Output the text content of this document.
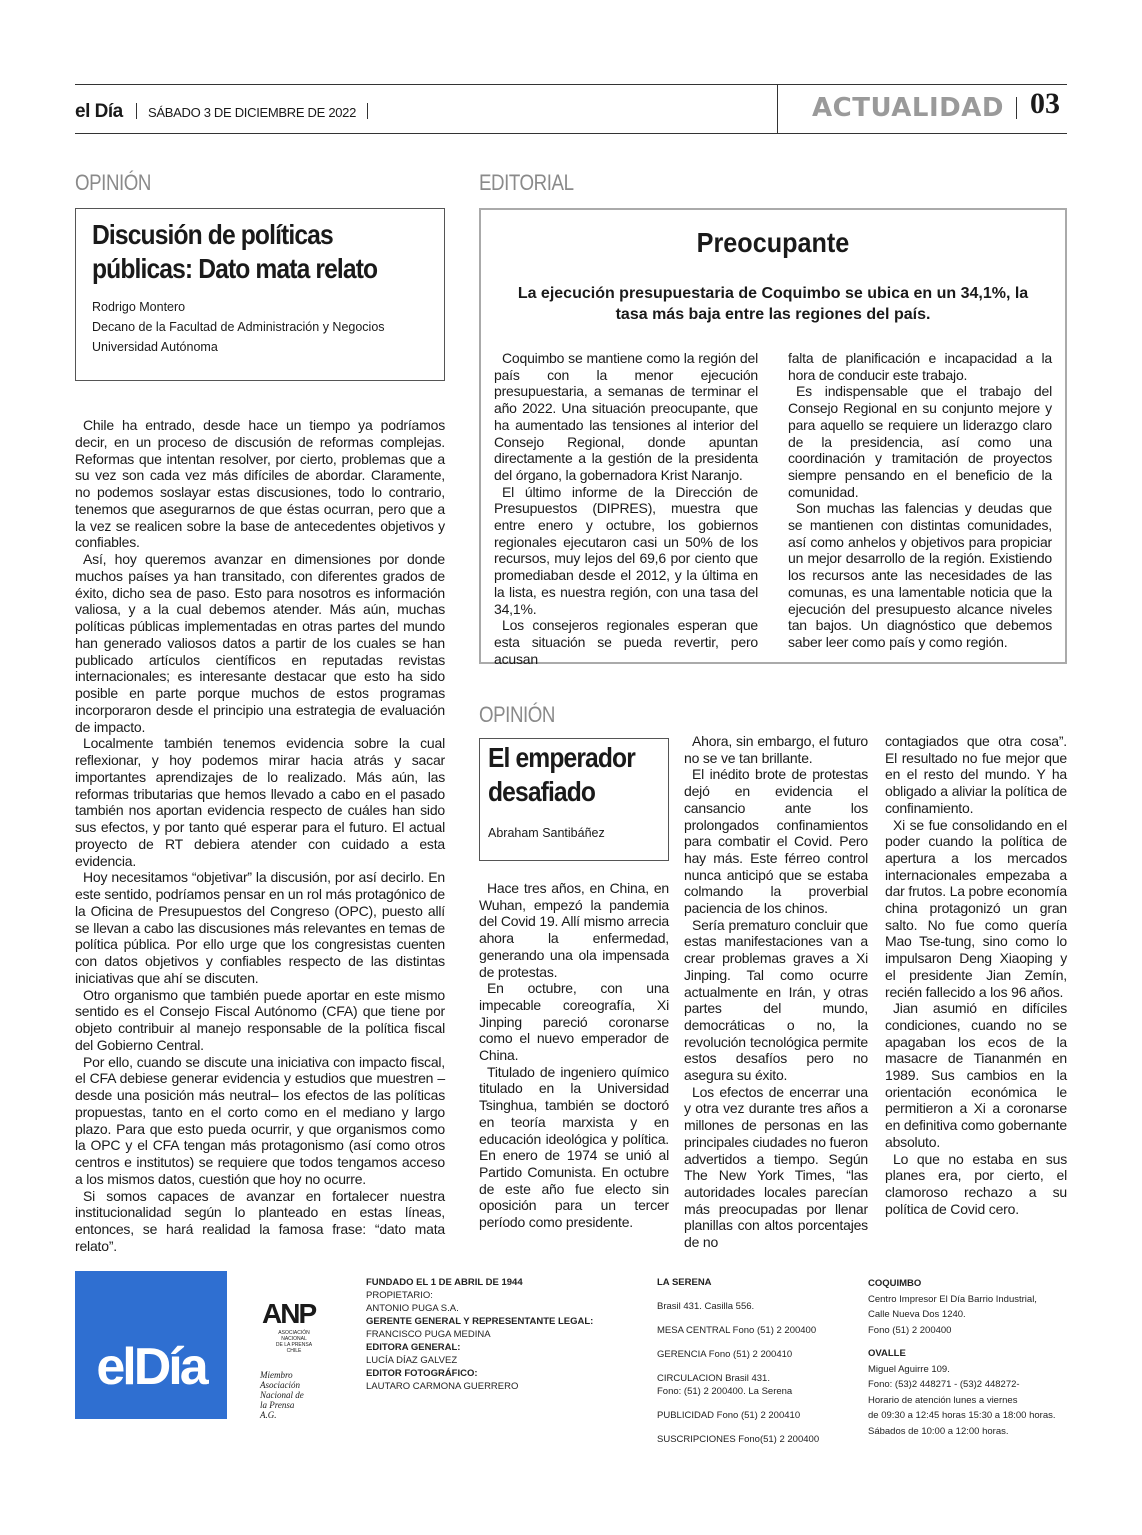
el Día SÁBADO 3 DE DICIEMBRE DE 2022	ACTUALIDAD 03
OPINIÓN
Discusión de políticas
públicas: Dato mata relato
Rodrigo Montero
Decano de la Facultad de Administración y Negocios
Universidad Autónoma

Chile ha entrado, desde hace un tiempo ya podríamos decir, en un proceso de discusión de reformas complejas. Reformas que intentan resolver, por cierto, problemas que a su vez son cada vez más difíciles de abordar. Claramente, no podemos soslayar estas discusiones, todo lo contrario, tenemos que asegurarnos de que éstas ocurran, pero que a la vez se realicen sobre la base de antecedentes objetivos y confiables.

Así, hoy queremos avanzar en dimensiones por donde muchos países ya han transitado, con diferentes grados de éxito, dicho sea de paso. Esto para nosotros es información valiosa, y a la cual debemos atender. Más aún, muchas políticas públicas implementadas en otras partes del mundo han generado valiosos datos a partir de los cuales se han publicado artículos científicos en reputadas revistas internacionales; es interesante destacar que esto ha sido posible en parte porque muchos de estos programas incorporaron desde el principio una estrategia de evaluación de impacto.

Localmente también tenemos evidencia sobre la cual reflexionar, y hoy podemos mirar hacia atrás y sacar importantes aprendizajes de lo realizado. Más aún, las reformas tributarias que hemos llevado a cabo en el pasado también nos aportan evidencia respecto de cuáles han sido sus efectos, y por tanto qué esperar para el futuro. El actual proyecto de RT debiera atender con cuidado a esta evidencia.

Hoy necesitamos “objetivar” la discusión, por así decirlo. En este sentido, podríamos pensar en un rol más protagónico de la Oficina de Presupuestos del Congreso (OPC), puesto allí se llevan a cabo las discusiones más relevantes en temas de política pública. Por ello urge que los congresistas cuenten con datos objetivos y confiables respecto de las distintas iniciativas que ahí se discuten.

Otro organismo que también puede aportar en este mismo sentido es el Consejo Fiscal Autónomo (CFA) que tiene por objeto contribuir al manejo responsable de la política fiscal del Gobierno Central.

Por ello, cuando se discute una iniciativa con impacto fiscal, el CFA debiese generar evidencia y estudios que muestren –desde una posición más neutral– los efectos de las políticas propuestas, tanto en el corto como en el mediano y largo plazo. Para que esto pueda ocurrir, y que organismos como la OPC y el CFA tengan más protagonismo (así como otros centros e institutos) se requiere que todos tengamos acceso a los mismos datos, cuestión que hoy no ocurre.

Si somos capaces de avanzar en fortalecer nuestra institucionalidad según lo planteado en estas líneas, entonces, se hará realidad la famosa frase: “dato mata relato”.

EDITORIAL
Preocupante
La ejecución presupuestaria de Coquimbo se ubica en un 34,1%, la tasa más baja entre las regiones del país.

Coquimbo se mantiene como la región del país con la menor ejecución presupuestaria, a semanas de terminar el año 2022. Una situación preocupante, que ha aumentado las tensiones al interior del Consejo Regional, donde apuntan directamente a la gestión de la presidenta del órgano, la gobernadora Krist Naranjo.

El último informe de la Dirección de Presupuestos (DIPRES), muestra que entre enero y octubre, los gobiernos regionales ejecutaron casi un 50% de los recursos, muy lejos del 69,6 por ciento que promediaban desde el 2012, y la última en la lista, es nuestra región, con una tasa del 34,1%.

Los consejeros regionales esperan que esta situación se pueda revertir, pero acusan

falta de planificación e incapacidad a la hora de conducir este trabajo.

Es indispensable que el trabajo del Consejo Regional en su conjunto mejore y para aquello se requiere un liderazgo claro de la presidencia, así como una coordinación y tramitación de proyectos siempre pensando en el beneficio de la comunidad.

Son muchas las falencias y deudas que se mantienen con distintas comunidades, así como anhelos y objetivos para propiciar un mejor desarrollo de la región. Existiendo los recursos ante las necesidades de las comunas, es una lamentable noticia que la ejecución del presupuesto alcance niveles tan bajos. Un diagnóstico que debemos saber leer como país y como región.

OPINIÓN
El emperador
desafiado
Abraham Santibáñez

Hace tres años, en China, en Wuhan, empezó la pandemia del Covid 19. Allí mismo arrecia ahora la enfermedad, generando una ola impensada de protestas.

En octubre, con una impecable coreografía, Xi Jinping pareció coronarse como el nuevo emperador de China.

Titulado de ingeniero químico titulado en la Universidad Tsinghua, también se doctoró en teoría marxista y en educación ideológica y política. En enero de 1974 se unió al Partido Comunista. En octubre de este año fue electo sin oposición para un tercer período como presidente.

Ahora, sin embargo, el futuro no se ve tan brillante.

El inédito brote de protestas dejó en evidencia el cansancio ante los prolongados confinamientos para combatir el Covid. Pero hay más. Este férreo control nunca anticipó que se estaba colmando la proverbial paciencia de los chinos.

Sería prematuro concluir que estas manifestaciones van a crear problemas graves a Xi Jinping. Tal como ocurre actualmente en Irán, y otras partes del mundo, democráticas o no, la revolución tecnológica permite estos desafíos pero no asegura su éxito.

Los efectos de encerrar una y otra vez durante tres años a millones de personas en las principales ciudades no fueron advertidos a tiempo. Según The New York Times, “las autoridades locales parecían más preocupadas por llenar planillas con altos porcentajes de no

contagiados que otra cosa”. El resultado no fue mejor que en el resto del mundo. Y ha obligado a aliviar la política de confinamiento.

Xi se fue consolidando en el poder cuando la política de apertura a los mercados internacionales empezaba a dar frutos. La pobre economía china protagonizó un gran salto. No fue como quería Mao Tse-tung, sino como lo impulsaron Deng Xiaoping y el presidente Jian Zemín, recién fallecido a los 96 años.

Jian asumió en difíciles condiciones, cuando no se apagaban los ecos de la masacre de Tiananmén en 1989. Sus cambios en la orientación económica le permitieron a Xi a coronarse en definitiva como gobernante absoluto.

Lo que no estaba en sus planes era, por cierto, el clamoroso rechazo a su política de Covid cero.

elDía
ANP
ASOCIACIÓN
NACIONAL
DE LA PRENSA
CHILE
Miembro
Asociación
Nacional de
la Prensa
A.G.
FUNDADO EL 1 DE ABRIL DE 1944
PROPIETARIO:
ANTONIO PUGA S.A.
GERENTE GENERAL Y REPRESENTANTE LEGAL:
FRANCISCO PUGA MEDINA
EDITORA GENERAL:
LUCÍA DÍAZ GALVEZ
EDITOR FOTOGRÁFICO:
LAUTARO CARMONA GUERRERO
LA SERENA
Brasil 431. Casilla 556.
MESA CENTRAL Fono (51) 2 200400
GERENCIA Fono (51) 2 200410
CIRCULACION Brasil 431.
Fono: (51) 2 200400. La Serena
PUBLICIDAD Fono (51) 2 200410
SUSCRIPCIONES Fono(51) 2 200400
COQUIMBO
Centro Impresor El Día Barrio Industrial,
Calle Nueva Dos 1240.
Fono (51) 2 200400
OVALLE
Miguel Aguirre 109.
Fono: (53)2 448271 - (53)2 448272-
Horario de atención lunes a viernes
de 09:30 a 12:45 horas 15:30 a 18:00 horas.
Sábados de 10:00 a 12:00 horas.
